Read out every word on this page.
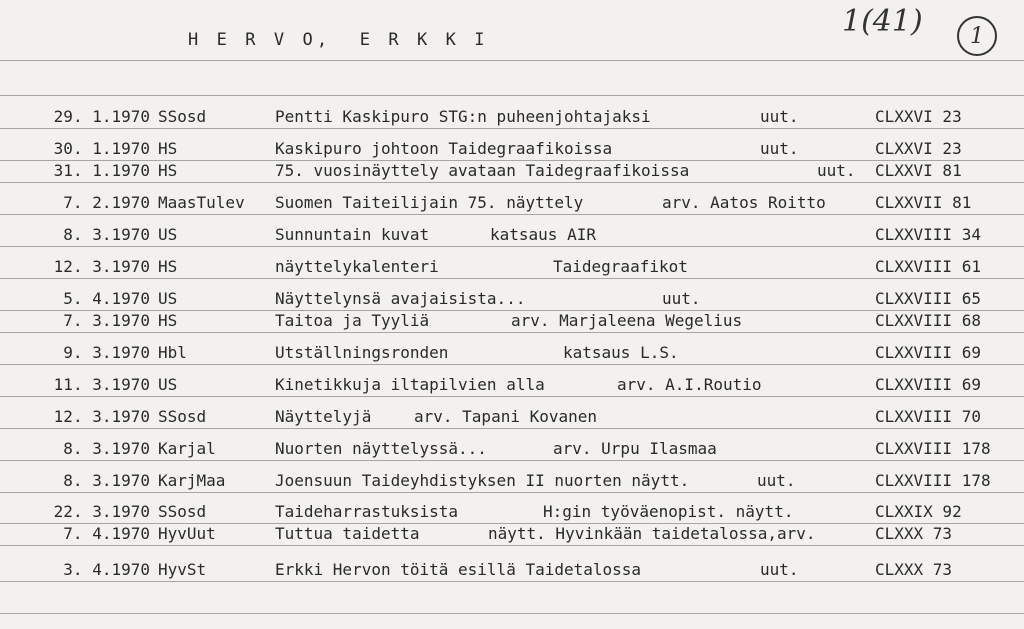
H E R V O,  E R K K I
1(41) 1
29. 1.1970 SSosd	Pentti Kaskipuro STG:n puheenjohtajaksi	uut.	CLXXVI 23
30. 1.1970 HS	Kaskipuro johtoon Taidegraafikoissa	uut.	CLXXVI 23
31. 1.1970 HS	75. vuosinäyttely avataan Taidegraafikoissa	uut. CLXXVI 81
7. 2.1970 MaasTulev Suomen Taiteilijain 75. näyttely	arv. Aatos Roitto	CLXXVII 81
8. 3.1970 US	Sunnuntain kuvat	katsaus AIR	CLXXVIII 34
12. 3.1970 HS	näyttelykalenteri	Taidegraafikot	CLXXVIII 61
5. 4.1970 US	Näyttelynsä avajaisista...	uut.	CLXXVIII 65
7. 3.1970 HS	Taitoa ja Tyyliä	arv. Marjaleena Wegelius	CLXXVIII 68
9. 3.1970 Hbl	Utställningsronden	katsaus L.S.	CLXXVIII 69
11. 3.1970 US	Kinetikkuja iltapilvien alla	arv. A.I.Routio	CLXXVIII 69
12. 3.1970 SSosd	Näyttelyjä	arv. Tapani Kovanen	CLXXVIII 70
8. 3.1970 Karjal	Nuorten näyttelyssä...	arv. Urpu Ilasmaa	CLXXVIII 178
8. 3.1970 KarjMaa	Joensuun Taideyhdistyksen II nuorten näytt.	uut.	CLXXVIII 178
22. 3.1970 SSosd	Taideharrastuksista	H:gin työväenopist. näytt.	CLXXIX 92
7. 4.1970 HyvUut	Tuttua taidetta	näytt. Hyvinkään taidetalossa,arv.	CLXXX 73
3. 4.1970 HyvSt	Erkki Hervon töitä esillä Taidetalossa	uut.	CLXXX 73
